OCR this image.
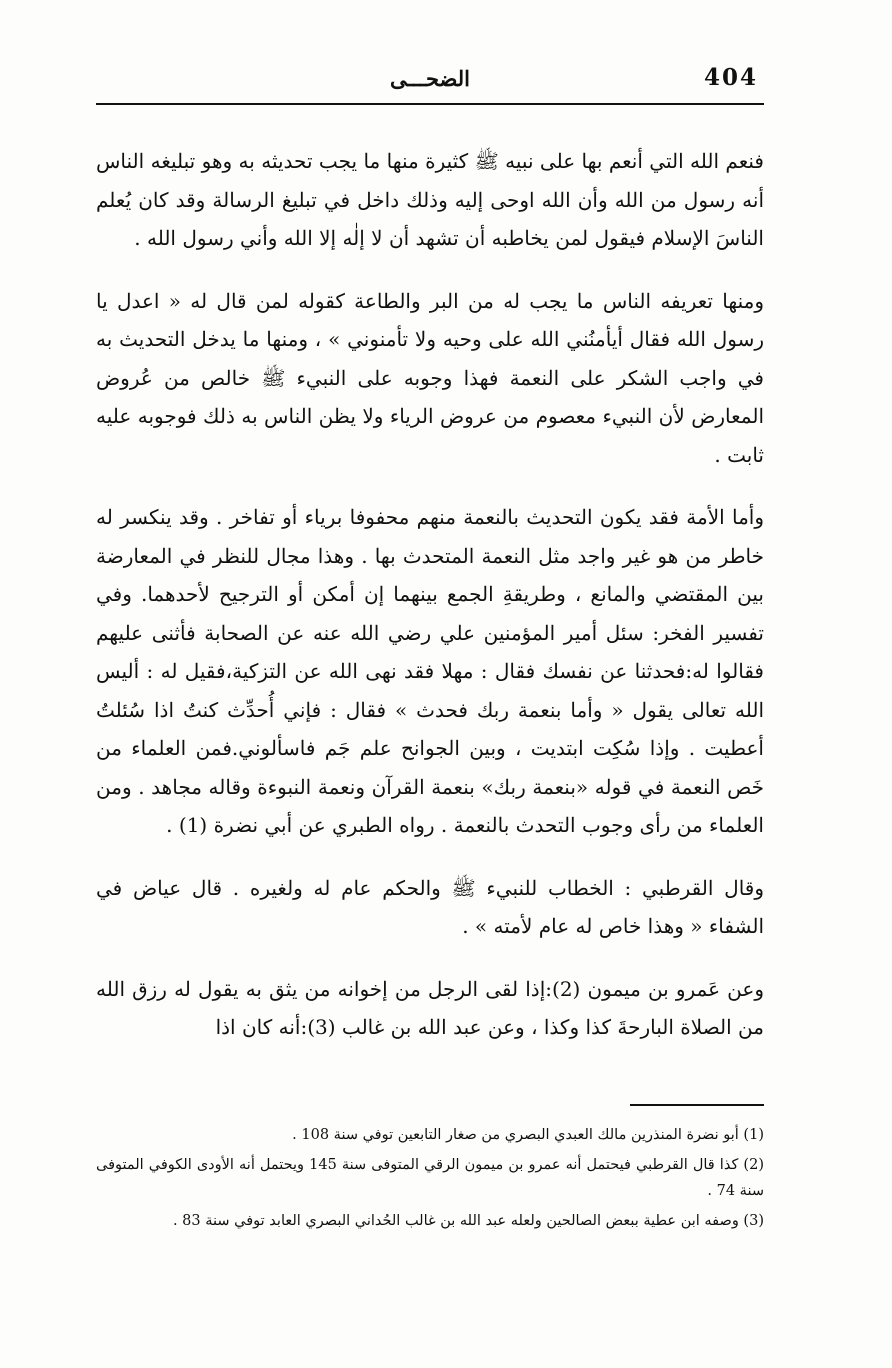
الضحـــى	404

فنعم الله التي أنعم بها على نبيه ﷺ كثيرة منها ما يجب تحديثه به وهو تبليغه الناس أنه رسول من الله وأن الله اوحى إليه وذلك داخل في تبليغ الرسالة وقد كان يُعلم الناسَ الإسلام فيقول لمن يخاطبه أن تشهد أن لا إلٰه إلا الله وأني رسول الله .

ومنها تعريفه الناس ما يجب له من البر والطاعة كقوله لمن قال له « اعدل يا رسول الله فقال أيأمنُني الله على وحيه ولا تأمنوني » ، ومنها ما يدخل التحديث به في واجب الشكر على النعمة فهذا وجوبه على النبيء ﷺ خالص من عُروض المعارض لأن النبيء معصوم من عروض الرياء ولا يظن الناس به ذلك فوجوبه عليه ثابت .

وأما الأمة فقد يكون التحديث بالنعمة منهم محفوفا برياء أو تفاخر . وقد ينكسر له خاطر من هو غير واجد مثل النعمة المتحدث بها . وهذا مجال للنظر في المعارضة بين المقتضي والمانع ، وطريقةِ الجمع بينهما إن أمكن أو الترجيح لأحدهما. وفي تفسير الفخر: سئل أمير المؤمنين علي رضي الله عنه عن الصحابة فأثنى عليهم فقالوا له:فحدثنا عن نفسك فقال : مهلا فقد نهى الله عن التزكية،فقيل له : أليس الله تعالى يقول « وأما بنعمة ربك فحدث » فقال : فإني أُحدِّث كنتُ اذا سُئلتُ أعطيت . وإذا سُكِت ابتديت ، وبين الجوانح علم جَم فاسألوني.فمن العلماء من خَص النعمة في قوله «بنعمة ربك» بنعمة القرآن ونعمة النبوءة وقاله مجاهد . ومن العلماء من رأى وجوب التحدث بالنعمة . رواه الطبري عن أبي نضرة (1) .

وقال القرطبي : الخطاب للنبيء ﷺ والحكم عام له ولغيره . قال عياض في الشفاء « وهذا خاص له عام لأمته » .

وعن عَمرو بن ميمون (2):إذا لقى الرجل من إخوانه من يثق به يقول له رزق الله من الصلاة البارحةَ كذا وكذا ، وعن عبد الله بن غالب (3):أنه كان اذا

(1) أبو نضرة المنذرين مالك العبدي البصري من صغار التابعين توفي سنة 108 .

(2) كذا قال القرطبي فيحتمل أنه عمرو بن ميمون الرقي المتوفى سنة 145 ويحتمل أنه الأودى الكوفي المتوفى سنة 74 .

(3) وصفه ابن عطية ببعض الصالحين ولعله عبد الله بن غالب الحُداني البصري العابد توفي سنة 83 .
